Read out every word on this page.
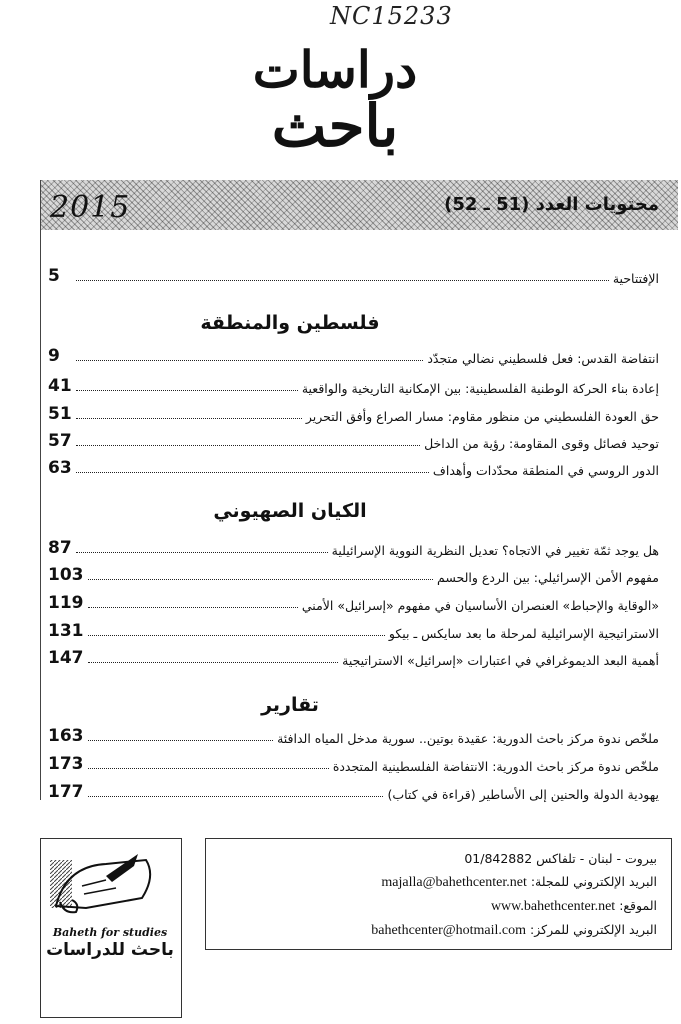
NC15233
دراسات
باحث
2015	محتويات العدد (51 ـ 52)
الإفتتاحية
5
فلسطين والمنطقة
انتفاضة القدس: فعل فلسطيني نضالي متجدّد
9
إعادة بناء الحركة الوطنية الفلسطينية: بين الإمكانية التاريخية والواقعية
41
حق العودة الفلسطيني من منظور مقاوم: مسار الصراع وأفق التحرير
51
توحيد فصائل وقوى المقاومة: رؤية من الداخل
57
الدور الروسي في المنطقة محدّدات وأهداف
63
الكيان الصهيوني
هل يوجد ثمّة تغيير في الاتجاه؟ تعديل النظرية النووية الإسرائيلية
87
مفهوم الأمن الإسرائيلي: بين الردع والحسم
103
«الوقاية والإحباط» العنصران الأساسيان في مفهوم «إسرائيل» الأمني
119
الاستراتيجية الإسرائيلية لمرحلة ما بعد سايكس ـ بيكو
131
أهمية البعد الديموغرافي في اعتبارات «إسرائيل» الاستراتيجية
147
تقارير
ملخّص ندوة مركز باحث الدورية: عقيدة بوتين.. سورية مدخل المياه الدافئة
163
ملخّص ندوة مركز باحث الدورية: الانتفاضة الفلسطينية المتجددة
173
يهودية الدولة والحنين إلى الأساطير (قراءة في كتاب)
177
Baheth for studies
باحث للدراسات
بيروت - لبنان - تلفاكس 01/842882
البريد الإلكتروني للمجلة: majalla@bahethcenter.net
الموقع: www.bahethcenter.net
البريد الإلكتروني للمركز: bahethcenter@hotmail.com
